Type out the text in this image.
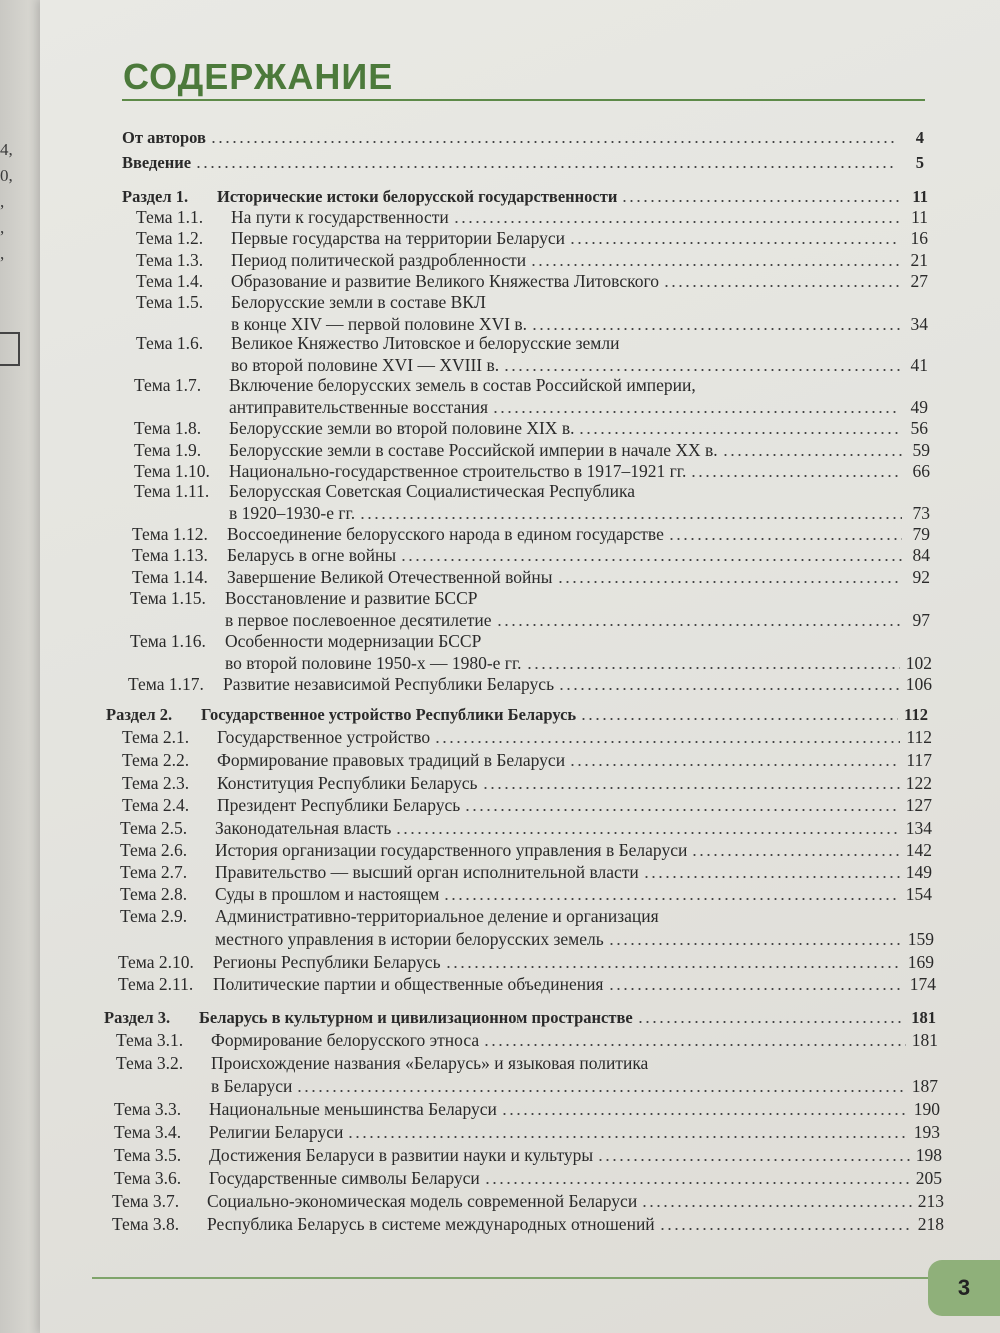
4,
0,
,
,
,
СОДЕРЖАНИЕ
От авторов	4
Введение	5
Раздел 1.	Исторические истоки белорусской государственности	11
Тема 1.1.	На пути к государственности	11
Тема 1.2.	Первые государства на территории Беларуси	16
Тема 1.3.	Период политической раздробленности	21
Тема 1.4.	Образование и развитие Великого Княжества Литовского	27
Тема 1.5.	Белорусские земли в составе ВКЛ
в конце XIV — первой половине XVI в.	34
Тема 1.6.	Великое Княжество Литовское и белорусские земли
во второй половине XVI — XVIII в.	41
Тема 1.7.	Включение белорусских земель в состав Российской империи,
антиправительственные восстания	49
Тема 1.8.	Белорусские земли во второй половине XIX в.	56
Тема 1.9.	Белорусские земли в составе Российской империи в начале XX в.	59
Тема 1.10.	Национально-государственное строительство в 1917–1921 гг.	66
Тема 1.11.	Белорусская Советская Социалистическая Республика
в 1920–1930-е гг.	73
Тема 1.12.	Воссоединение белорусского народа в едином государстве	79
Тема 1.13.	Беларусь в огне войны	84
Тема 1.14.	Завершение Великой Отечественной войны	92
Тема 1.15.	Восстановление и развитие БССР
в первое послевоенное десятилетие	97
Тема 1.16.	Особенности модернизации БССР
во второй половине 1950-х — 1980-е гг.	102
Тема 1.17.	Развитие независимой Республики Беларусь	106
Раздел 2.	Государственное устройство Республики Беларусь	112
Тема 2.1.	Государственное устройство	112
Тема 2.2.	Формирование правовых традиций в Беларуси	117
Тема 2.3.	Конституция Республики Беларусь	122
Тема 2.4.	Президент Республики Беларусь	127
Тема 2.5.	Законодательная власть	134
Тема 2.6.	История организации государственного управления в Беларуси	142
Тема 2.7.	Правительство — высший орган исполнительной власти	149
Тема 2.8.	Суды в прошлом и настоящем	154
Тема 2.9.	Административно-территориальное деление и организация
местного управления в истории белорусских земель	159
Тема 2.10.	Регионы Республики Беларусь	169
Тема 2.11.	Политические партии и общественные объединения	174
Раздел 3.	Беларусь в культурном и цивилизационном пространстве	181
Тема 3.1.	Формирование белорусского этноса	181
Тема 3.2.	Происхождение названия «Беларусь» и языковая политика
в Беларуси	187
Тема 3.3.	Национальные меньшинства Беларуси	190
Тема 3.4.	Религии Беларуси	193
Тема 3.5.	Достижения Беларуси в развитии науки и культуры	198
Тема 3.6.	Государственные символы Беларуси	205
Тема 3.7.	Социально-экономическая модель современной Беларуси	213
Тема 3.8.	Республика Беларусь в системе международных отношений	218
3
